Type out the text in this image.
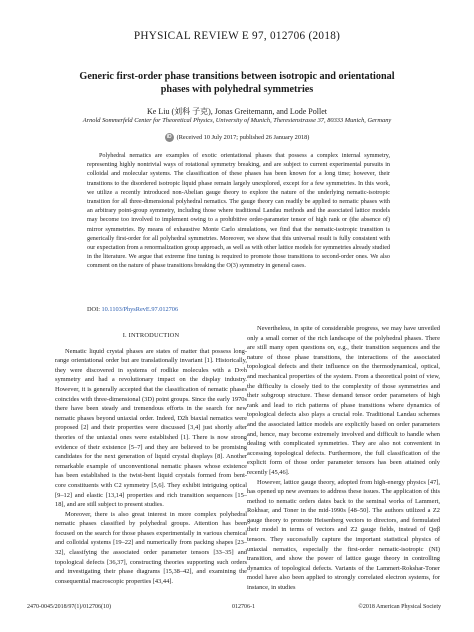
PHYSICAL REVIEW E 97, 012706 (2018)
Generic first-order phase transitions between isotropic and orientational phases with polyhedral symmetries
Ke Liu (刘科 子克), Jonas Greitemann, and Lode Pollet
Arnold Sommerfeld Center for Theoretical Physics, University of Munich, Theresienstrasse 37, 80333 Munich, Germany
iD (Received 10 July 2017; published 26 January 2018)

Polyhedral nematics are examples of exotic orientational phases that possess a complex internal symmetry, representing highly nontrivial ways of rotational symmetry breaking, and are subject to current experimental pursuits in colloidal and molecular systems. The classification of these phases has been known for a long time; however, their transitions to the disordered isotropic liquid phase remain largely unexplored, except for a few symmetries. In this work, we utilize a recently introduced non-Abelian gauge theory to explore the nature of the underlying nematic-isotropic transition for all three-dimensional polyhedral nematics. The gauge theory can readily be applied to nematic phases with an arbitrary point-group symmetry, including those where traditional Landau methods and the associated lattice models may become too involved to implement owing to a prohibitive order-parameter tensor of high rank or (the absence of) mirror symmetries. By means of exhaustive Monte Carlo simulations, we find that the nematic-isotropic transition is generically first-order for all polyhedral symmetries. Moreover, we show that this universal result is fully consistent with our expectation from a renormalization group approach, as well as with other lattice models for symmetries already studied in the literature. We argue that extreme fine tuning is required to promote those transitions to second-order ones. We also comment on the nature of phase transitions breaking the O(3) symmetry in general cases.

DOI: 10.1103/PhysRevE.97.012706
I. INTRODUCTION

Nematic liquid crystal phases are states of matter that possess long-range orientational order but are translationally invariant [1]. Historically, they were discovered in systems of rodlike molecules with a D∞h symmetry and had a revolutionary impact on the display industry. However, it is generally accepted that the classification of nematic phases coincides with three-dimensional (3D) point groups. Since the early 1970s there have been steady and tremendous efforts in the search for new nematic phases beyond uniaxial order. Indeed, D2h biaxial nematics were proposed [2] and their properties were discussed [3,4] just shortly after theories of the uniaxial ones were established [1]. There is now strong evidence of their existence [5–7] and they are believed to be promising candidates for the next generation of liquid crystal displays [8]. Another remarkable example of unconventional nematic phases whose existence has been established is the twist-bent liquid crystals formed from bent-core constituents with C2 symmetry [5,6]. They exhibit intriguing optical [9–12] and elastic [13,14] properties and rich transition sequences [15–18], and are still subject to present studies.

Moreover, there is also great interest in more complex polyhedral nematic phases classified by polyhedral groups. Attention has been focused on the search for those phases experimentally in various chemical and colloidal systems [19–22] and numerically from packing shapes [23–32], classifying the associated order parameter tensors [33–35] and topological defects [36,37], constructing theories supporting such orders and investigating their phase diagrams [15,38–42], and examining the consequential macroscopic properties [43,44].

Nevertheless, in spite of considerable progress, we may have unveiled only a small corner of the rich landscape of the polyhedral phases. There are still many open questions on, e.g., their transition sequences and the nature of those phase transitions, the interactions of the associated topological defects and their influence on the thermodynamical, optical, and mechanical properties of the system. From a theoretical point of view, the difficulty is closely tied to the complexity of those symmetries and their subgroup structure. These demand tensor order parameters of high rank and lead to rich patterns of phase transitions where dynamics of topological defects also plays a crucial role. Traditional Landau schemes and the associated lattice models are explicitly based on order parameters and, hence, may become extremely involved and difficult to handle when dealing with complicated symmetries. They are also not convenient in accessing topological defects. Furthermore, the full classification of the explicit form of those order parameter tensors has been attained only recently [45,46].

However, lattice gauge theory, adopted from high-energy physics [47], has opened up new avenues to address these issues. The application of this method to nematic orders dates back to the seminal works of Lammert, Rokhsar, and Toner in the mid-1990s [48–50]. The authors utilized a Z2 gauge theory to promote Heisenberg vectors to directors, and formulated their model in terms of vectors and Z2 gauge fields, instead of Qαβ tensors. They successfully capture the important statistical physics of uniaxial nematics, especially the first-order nematic-isotropic (NI) transition, and show the power of lattice gauge theory in controlling dynamics of topological defects. Variants of the Lammert-Rokshar-Toner model have also been applied to strongly correlated electron systems, for instance, in studies

2470-0045/2018/97(1)/012706(10)	012706-1	©2018 American Physical Society
